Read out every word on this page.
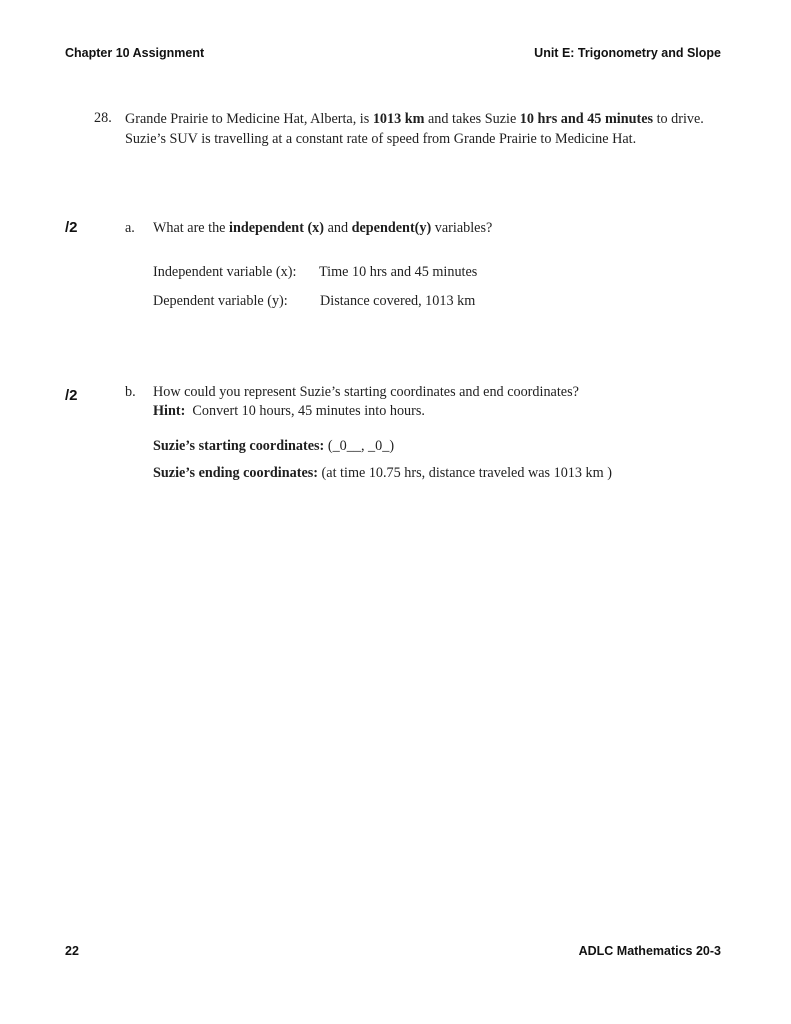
Chapter 10 Assignment	Unit E: Trigonometry and Slope
28. Grande Prairie to Medicine Hat, Alberta, is 1013 km and takes Suzie 10 hrs and 45 minutes to drive. Suzie’s SUV is travelling at a constant rate of speed from Grande Prairie to Medicine Hat.
/2	a. What are the independent (x) and dependent(y) variables?
Independent variable (x): Time 10 hrs and 45 minutes
Dependent variable (y): Distance covered, 1013 km
/2	b. How could you represent Suzie’s starting coordinates and end coordinates?
Hint:  Convert 10 hours, 45 minutes into hours.
Suzie’s starting coordinates: (_0__, _0_)
Suzie’s ending coordinates: (at time 10.75 hrs, distance traveled was 1013 km )
22	ADLC Mathematics 20-3
